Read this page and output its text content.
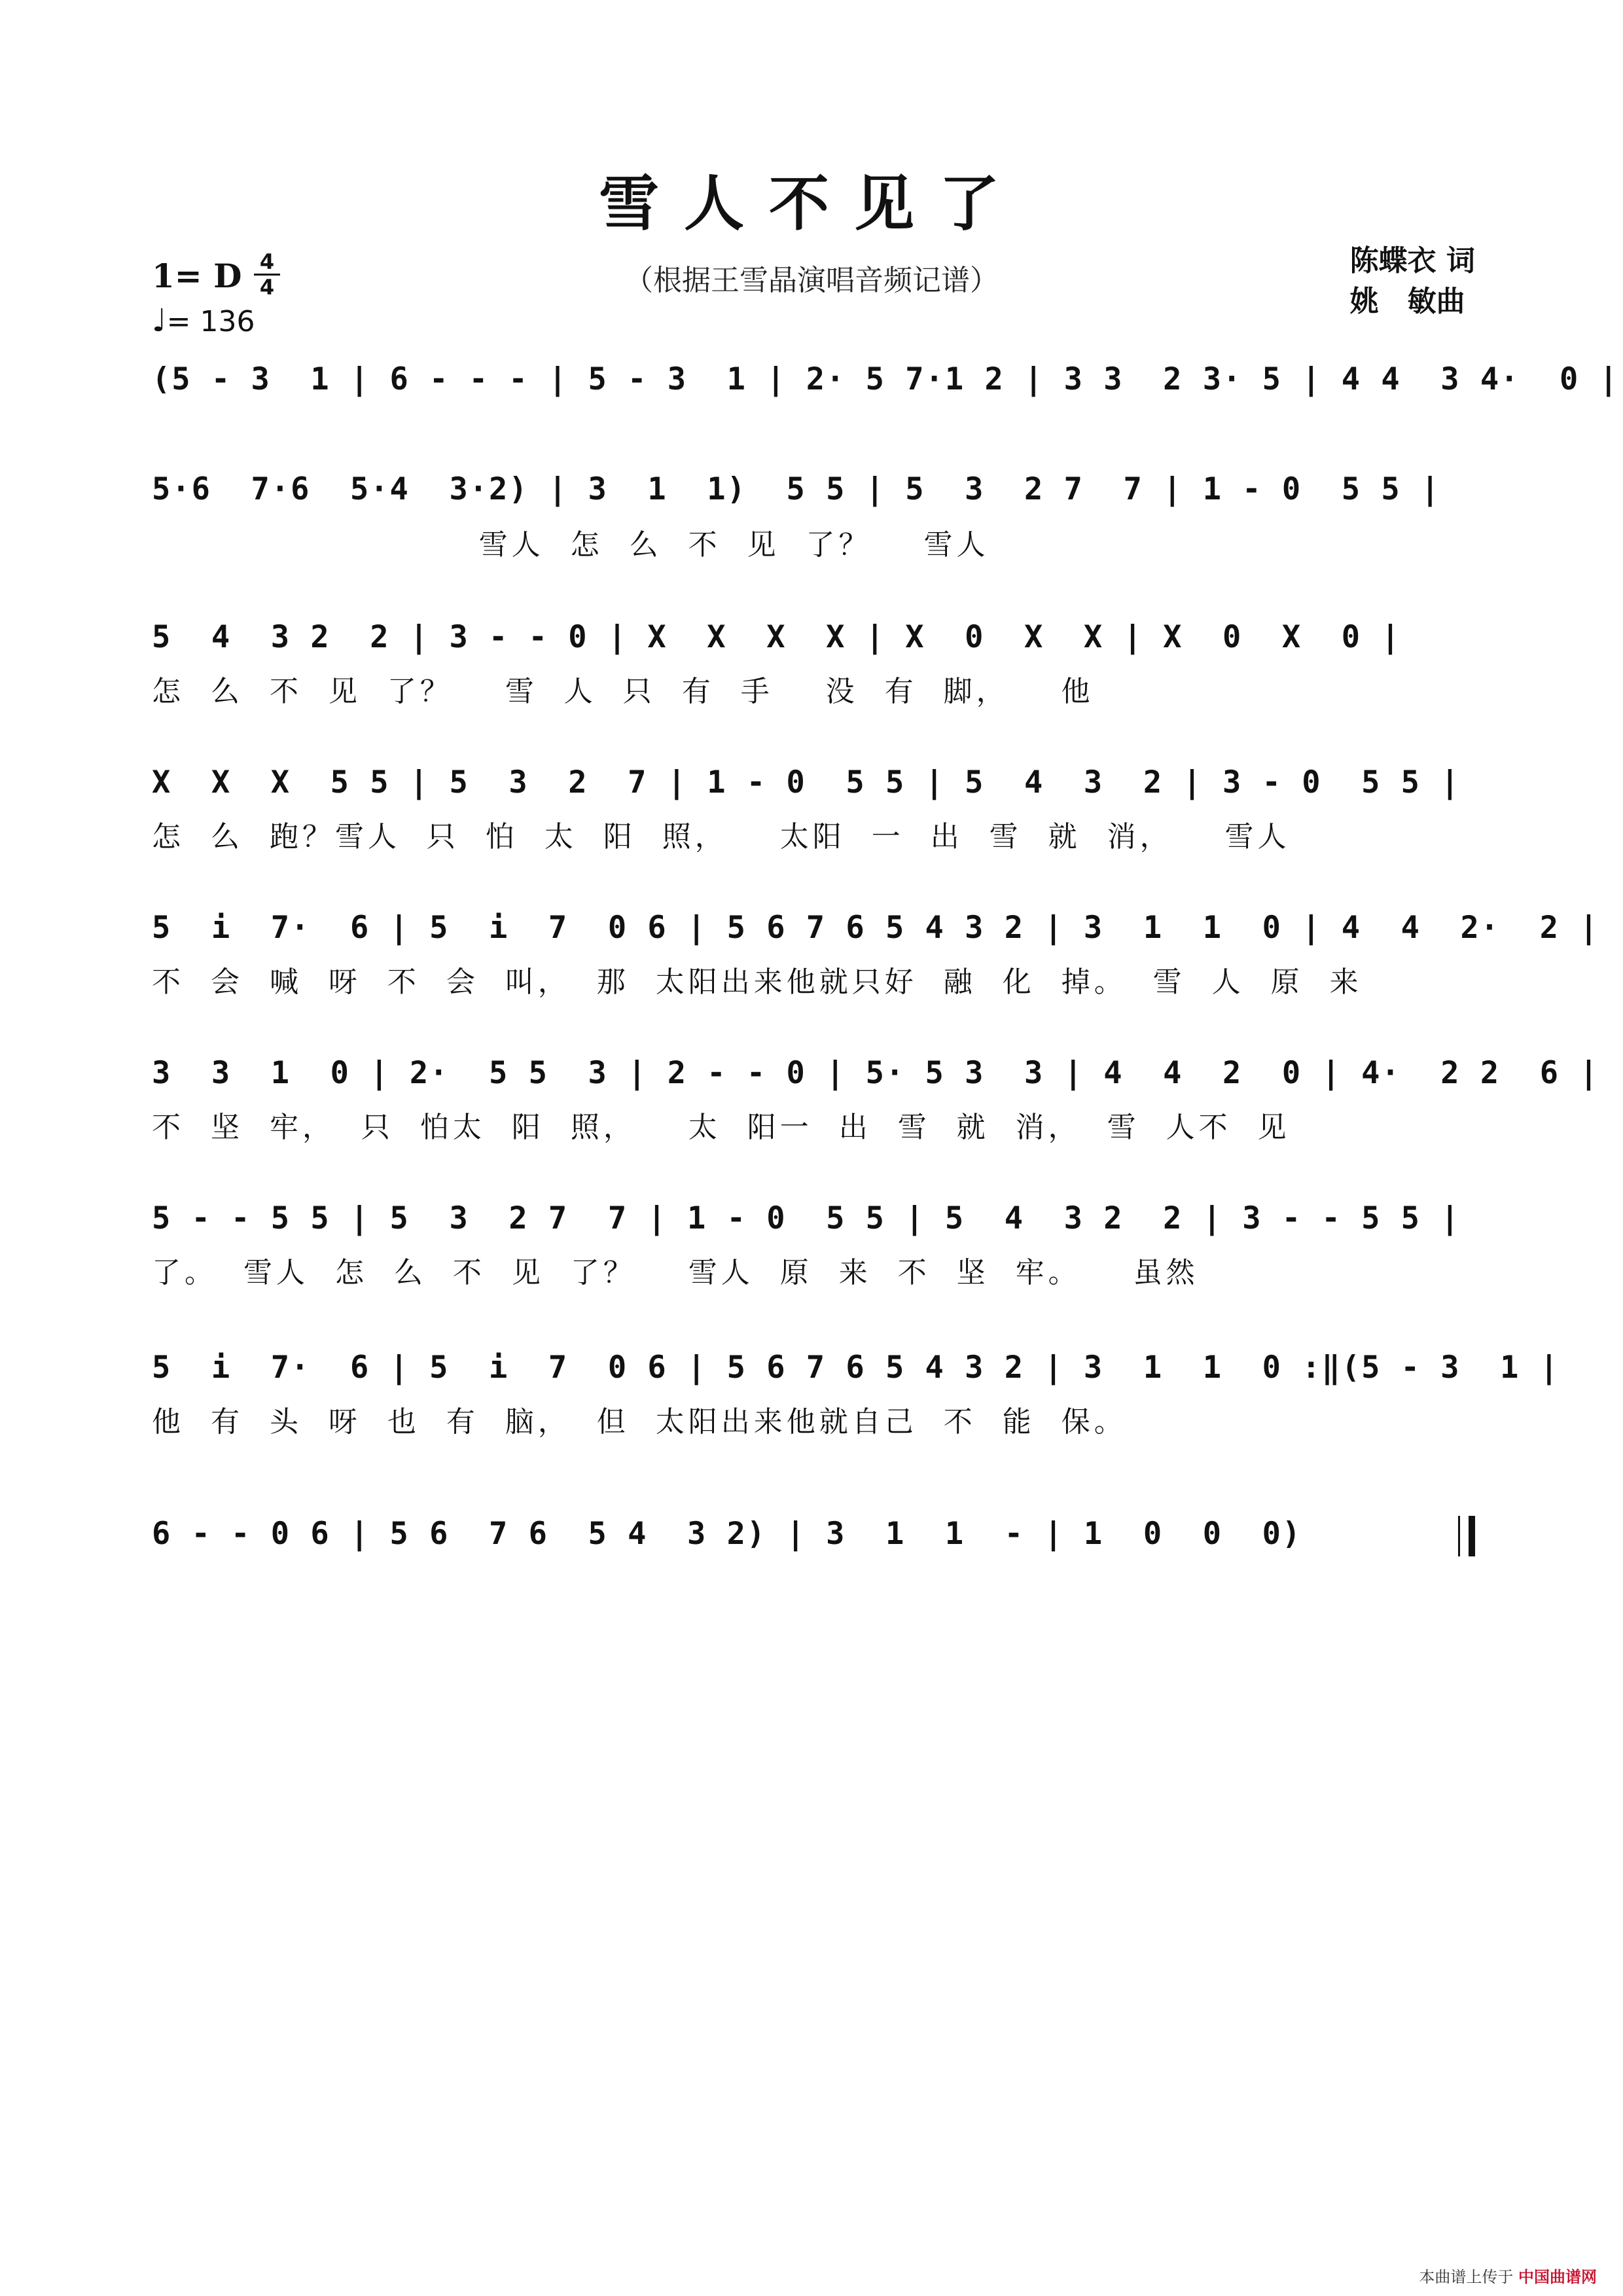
雪人不见了
（根据王雪晶演唱音频记谱）
1= D 4
4
♩= 136
陈蝶衣 词
姚　敏曲
(5 - 3  1 | 6 - - - | 5 - 3  1 | 2· 5 7·1 2 | 3 3  2 3· 5 | 4 4  3 4·  0 |
5·6  7·6  5·4  3·2) | 3  1  1)  5 5 | 5  3  2 7  7 | 1 - 0  5 5 |
雪人  怎  么  不  见  了？    雪人
5  4  3 2  2 | 3 - - 0 | X  X  X  X | X  0  X  X | X  0  X  0 |
怎  么  不  见  了？    雪  人  只  有  手    没  有  脚，    他
X  X  X  5 5 | 5  3  2  7 | 1 - 0  5 5 | 5  4  3  2 | 3 - 0  5 5 |
怎  么  跑？雪人  只  怕  太  阳  照，    太阳  一  出  雪  就  消，    雪人
5  i  7·  6 | 5  i  7  0 6 | 5 6 7 6 5 4 3 2 | 3  1  1  0 | 4  4  2·  2 |
不  会  喊  呀  不  会  叫，  那  太阳出来他就只好  融  化  掉。  雪  人  原  来
3  3  1  0 | 2·  5 5  3 | 2 - - 0 | 5· 5 3  3 | 4  4  2  0 | 4·  2 2  6 |
不  坚  牢，  只  怕太  阳  照，    太  阳一  出  雪  就  消，  雪  人不  见
5 - - 5 5 | 5  3  2 7  7 | 1 - 0  5 5 | 5  4  3 2  2 | 3 - - 5 5 |
了。  雪人  怎  么  不  见  了？    雪人  原  来  不  坚  牢。    虽然
5  i  7·  6 | 5  i  7  0 6 | 5 6 7 6 5 4 3 2 | 3  1  1  0 :‖(5 - 3  1 |
他  有  头  呀  也  有  脑，  但  太阳出来他就自己  不  能  保。
6 - - 0 6 | 5 6  7 6  5 4  3 2) | 3  1  1  - | 1  0  0  0)
本曲谱上传于 中国曲谱网
